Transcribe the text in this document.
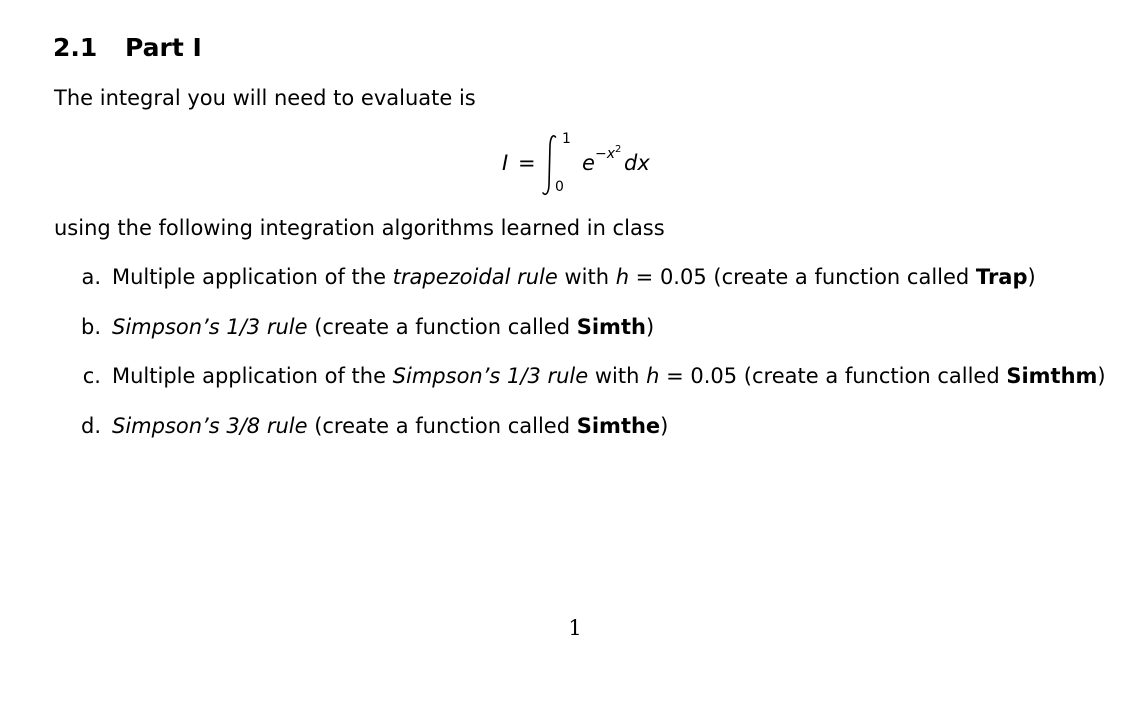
2.1 Part I

The integral you will need to evaluate is

I =
1
0
$e -x^2$
dx

using the following integration algorithms learned in class

a. Multiple application of the trapezoidal rule with h = 0.05 (create a function called Trap)
b. Simpson’s 1/3 rule (create a function called Simth)
c. Multiple application of the Simpson’s 1/3 rule with h = 0.05 (create a function called Simthm)
d. Simpson’s 3/8 rule (create a function called Simthe)
1
